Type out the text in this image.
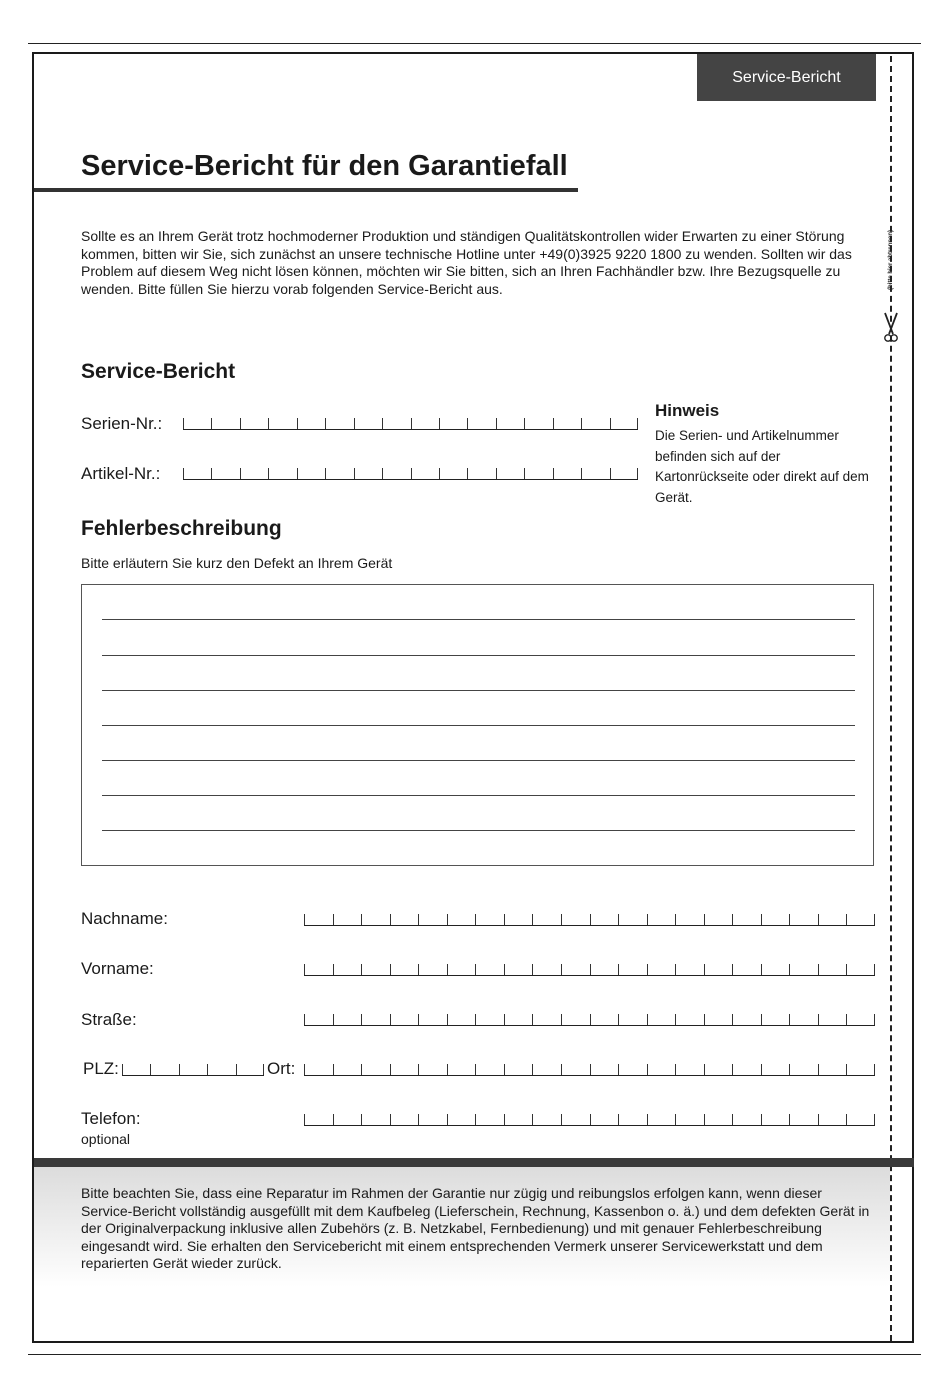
(bitte hier abtrennen)
Service-Bericht
Service-Bericht für den Garantiefall
Sollte es an Ihrem Gerät trotz hochmoderner Produktion und ständigen Qualitätskontrollen wider Erwarten zu einer Störung kommen, bitten wir Sie, sich zunächst an unsere technische Hotline unter +49(0)3925 9220 1800 zu wenden. Sollten wir das Problem auf diesem Weg nicht lösen können, möchten wir Sie bitten, sich an Ihren Fachhändler bzw. Ihre Bezugsquelle zu wenden. Bitte füllen Sie hierzu vorab folgenden Service-Bericht aus.
Service-Bericht
Serien-Nr.:
Artikel-Nr.:
Hinweis
Die Serien- und Artikelnummer befinden sich auf der Kartonrückseite oder direkt auf dem Gerät.
Fehlerbeschreibung
Bitte erläutern Sie kurz den Defekt an Ihrem Gerät
Nachname:
Vorname:
Straße:
PLZ:	Ort:
Telefon:
optional
Bitte beachten Sie, dass eine Reparatur im Rahmen der Garantie nur zügig und reibungslos erfolgen kann, wenn dieser Service-Bericht vollständig ausgefüllt mit dem Kaufbeleg (Lieferschein, Rechnung, Kassenbon o. ä.) und dem defekten Gerät in der Originalverpackung inklusive allen Zubehörs (z. B. Netzkabel, Fernbedienung) und mit genauer Fehlerbeschreibung eingesandt wird. Sie erhalten den Servicebericht mit einem entsprechenden Vermerk unserer Servicewerkstatt und dem reparierten Gerät wieder zurück.
